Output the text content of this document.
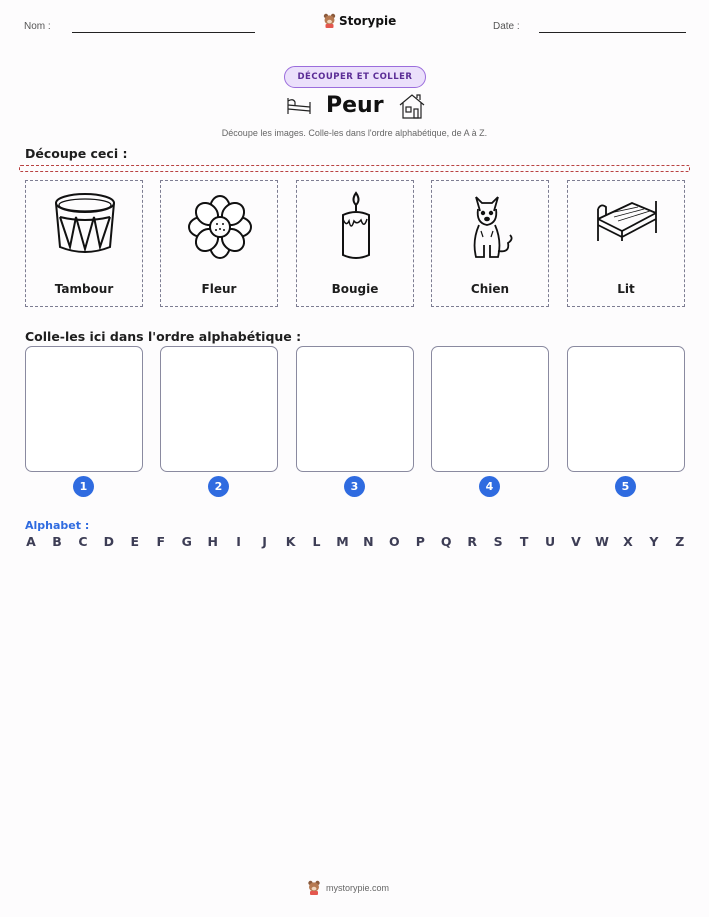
Nom :	Storypie	Date :
DÉCOUPER ET COLLER
Peur
Découpe les images. Colle-les dans l'ordre alphabétique, de A à Z.
Découpe ceci :
Tambour	Fleur	Bougie	Chien	Lit
Colle-les ici dans l'ordre alphabétique :
1	2	3	4	5
Alphabet :
A B C D E F G H	I	J	K L M N O P Q R S T U V W X Y Z
mystorypie.com
